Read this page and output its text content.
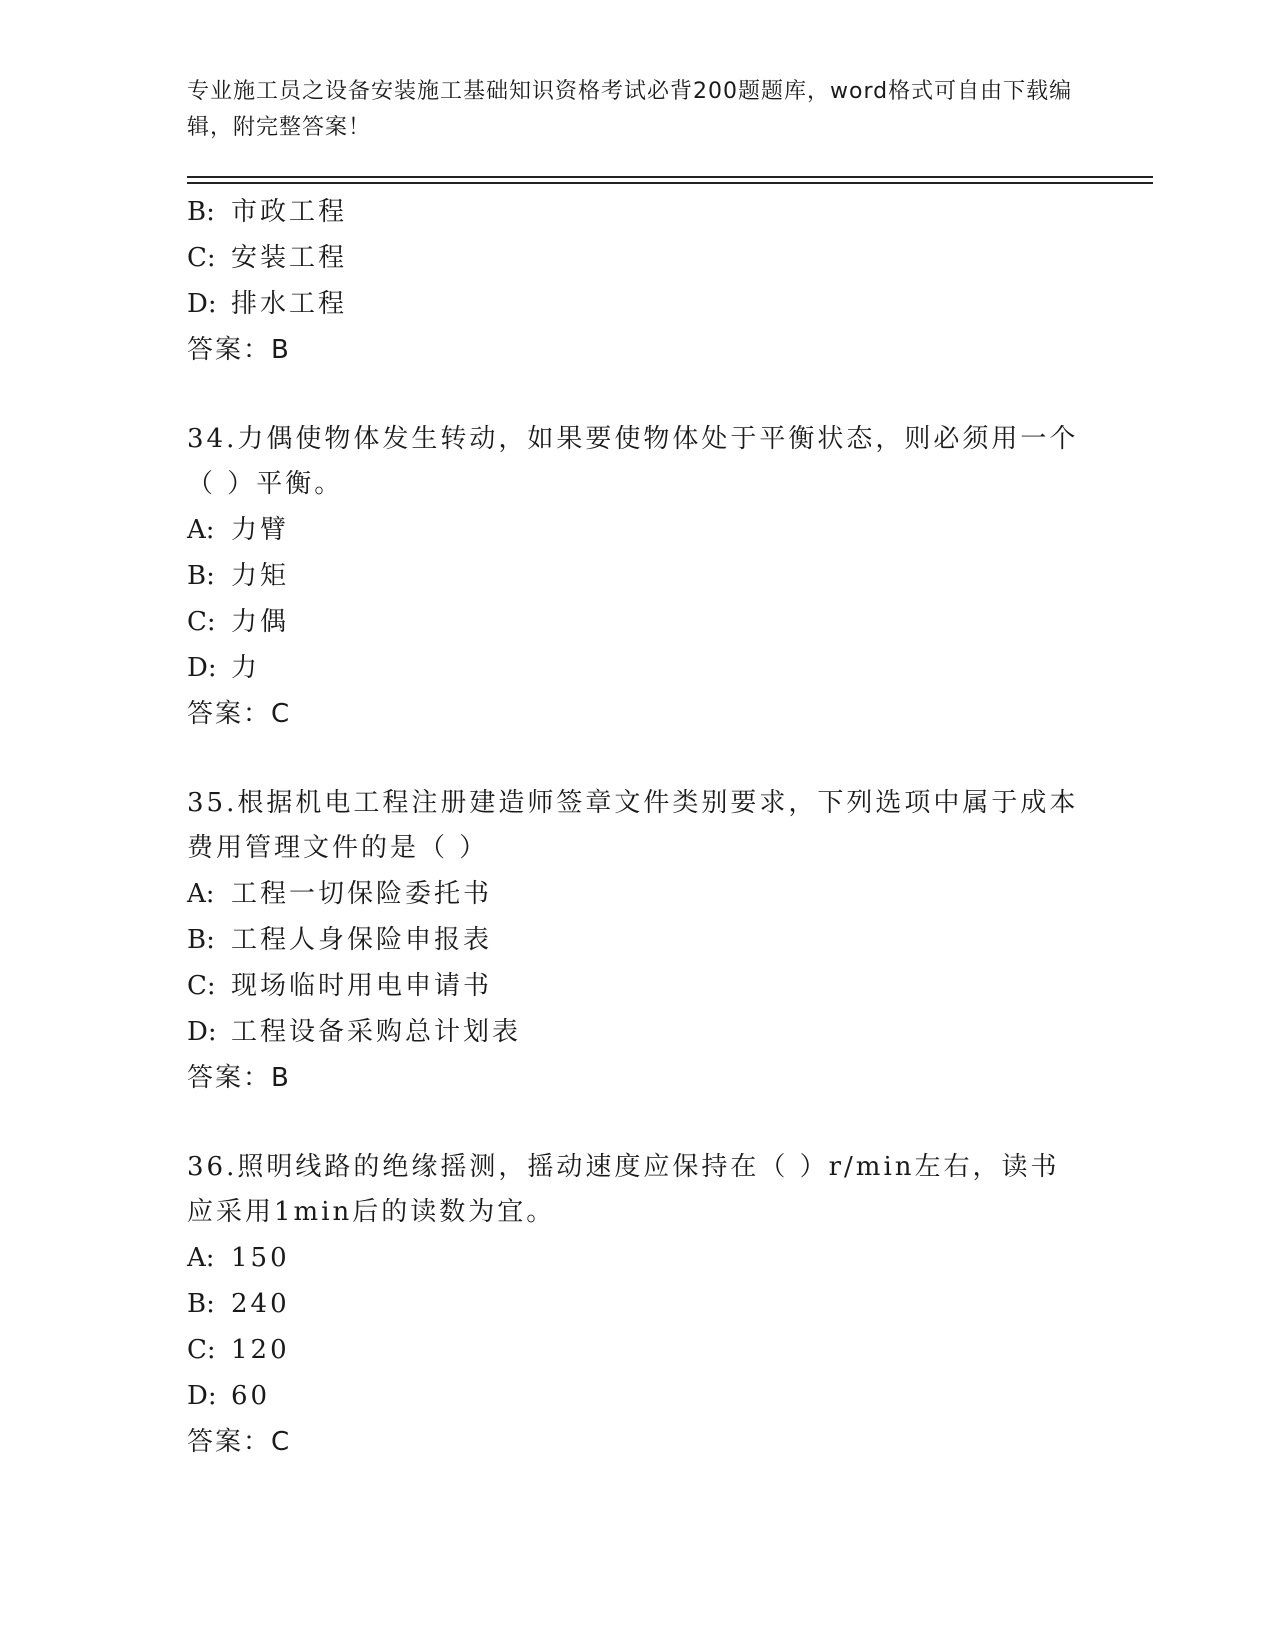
专业施工员之设备安装施工基础知识资格考试必背200题题库，word格式可自由下载编辑，附完整答案！
B: 市政工程
C: 安装工程
D: 排水工程
答案：B
34.力偶使物体发生转动，如果要使物体处于平衡状态，则必须用一个（ ）平衡。
A: 力臂
B: 力矩
C: 力偶
D: 力
答案：C
35.根据机电工程注册建造师签章文件类别要求，下列选项中属于成本费用管理文件的是（ ）
A: 工程一切保险委托书
B: 工程人身保险申报表
C: 现场临时用电申请书
D: 工程设备采购总计划表
答案：B
36.照明线路的绝缘摇测，摇动速度应保持在（ ）r/min左右，读书应采用1min后的读数为宜。
A: 150
B: 240
C: 120
D: 60
答案：C
